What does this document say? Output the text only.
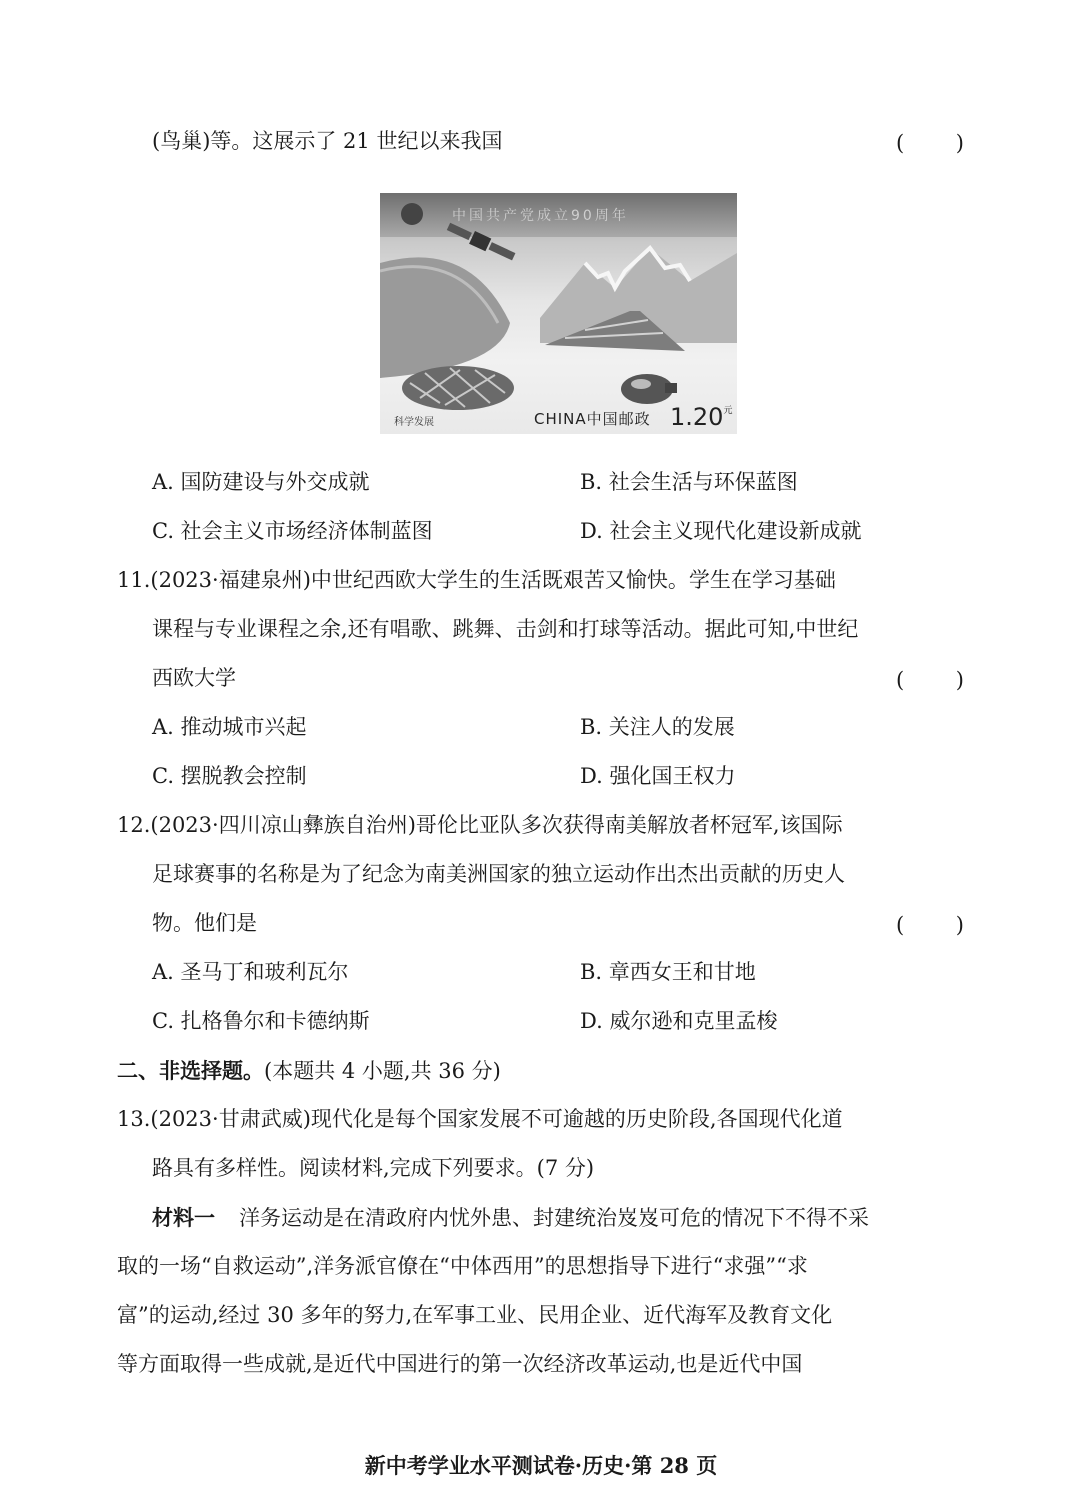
(鸟巢)等。这展示了 21 世纪以来我国	( )
中国共产党成立90周年
科学发展	CHINA中国邮政 $1.20^元$
A. 国防建设与外交成就	B. 社会生活与环保蓝图
C. 社会主义市场经济体制蓝图	D. 社会主义现代化建设新成就
11.(2023·福建泉州)中世纪西欧大学生的生活既艰苦又愉快。学生在学习基础
课程与专业课程之余,还有唱歌、跳舞、击剑和打球等活动。据此可知,中世纪
西欧大学	( )
A. 推动城市兴起	B. 关注人的发展
C. 摆脱教会控制	D. 强化国王权力
12.(2023·四川凉山彝族自治州)哥伦比亚队多次获得南美解放者杯冠军,该国际
足球赛事的名称是为了纪念为南美洲国家的独立运动作出杰出贡献的历史人
物。他们是	( )
A. 圣马丁和玻利瓦尔	B. 章西女王和甘地
C. 扎格鲁尔和卡德纳斯	D. 威尔逊和克里孟梭
二、非选择题。(本题共 4 小题,共 36 分)
13.(2023·甘肃武威)现代化是每个国家发展不可逾越的历史阶段,各国现代化道
路具有多样性。阅读材料,完成下列要求。(7 分)
材料一 洋务运动是在清政府内忧外患、封建统治岌岌可危的情况下不得不采
取的一场“自救运动”,洋务派官僚在“中体西用”的思想指导下进行“求强”“求
富”的运动,经过 30 多年的努力,在军事工业、民用企业、近代海军及教育文化
等方面取得一些成就,是近代中国进行的第一次经济改革运动,也是近代中国
新中考学业水平测试卷·历史·第 28 页
